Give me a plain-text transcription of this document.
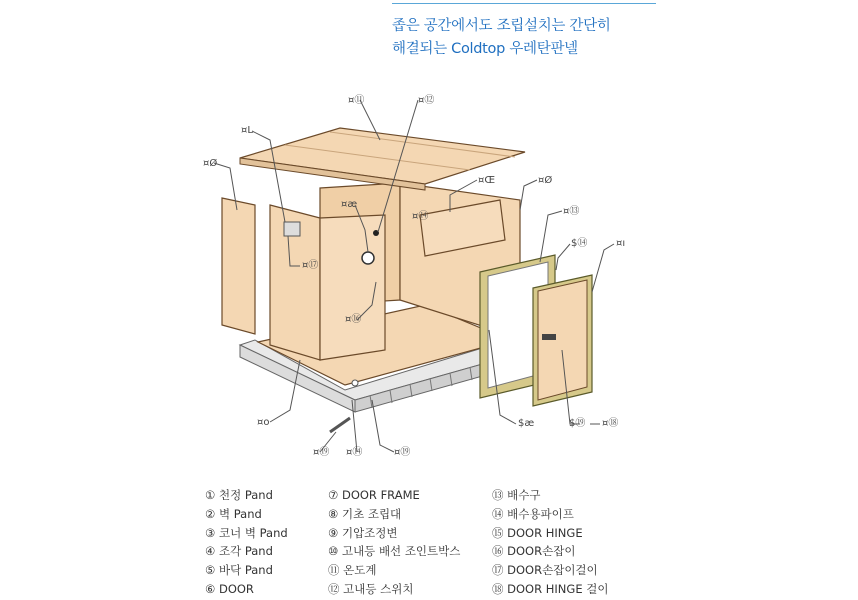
좁은 공간에서도 조립설치는 간단히
해결되는 Coldtop 우레탄판넬
¤⑪	¤⑫
¤L
¤Ø
¤⑰
¤Œ	¤Ø
¤⑬
¤æ
¤⑯
¤⑭
$⑭	¤ı
¤o
¤⑲ ¤⑭	¤⑲
$æ	$⑲ ¤⑱
① 천정 Pand
② 벽 Pand
③ 코너 벽 Pand
④ 조각 Pand
⑤ 바닥 Pand
⑥ DOOR
⑦ DOOR FRAME
⑧ 기초 조립대
⑨ 기압조정변
⑩ 고내등 배선 조인트박스
⑪ 온도계
⑫ 고내등 스위치
⑬ 배수구
⑭ 배수용파이프
⑮ DOOR HINGE
⑯ DOOR손잡이
⑰ DOOR손잡이걸이
⑱ DOOR HINGE 걸이
